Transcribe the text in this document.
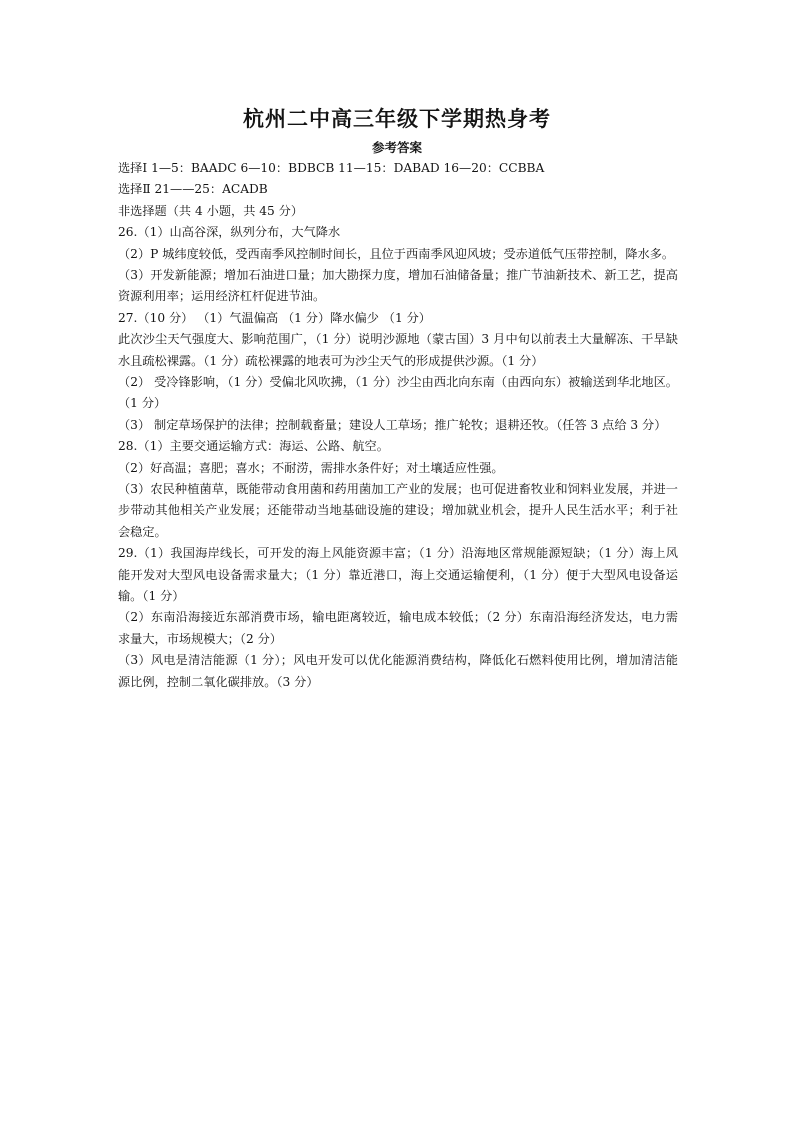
杭州二中高三年级下学期热身考
参考答案
选择Ⅰ 1—5：BAADC 6—10：BDBCB 11—15：DABAD 16—20：CCBBA
选择Ⅱ 21——25：ACADB
非选择题（共 4 小题，共 45 分）
26.（1）山高谷深，纵列分布，大气降水
（2）P 城纬度较低，受西南季风控制时间长，且位于西南季风迎风坡；受赤道低气压带控制，降水多。
（3）开发新能源；增加石油进口量；加大勘探力度，增加石油储备量；推广节油新技术、新工艺，提高资源利用率；运用经济杠杆促进节油。
27.（10 分） （1）气温偏高 （1 分）降水偏少 （1 分）
此次沙尘天气强度大、影响范围广，（1 分）说明沙源地（蒙古国）3 月中旬以前表土大量解冻、干旱缺水且疏松裸露。（1 分）疏松裸露的地表可为沙尘天气的形成提供沙源。（1 分）
（2） 受冷锋影响，（1 分）受偏北风吹拂，（1 分）沙尘由西北向东南（由西向东）被输送到华北地区。（1 分）
（3） 制定草场保护的法律；控制载畜量；建设人工草场；推广轮牧；退耕还牧。（任答 3 点给 3 分）
28.（1）主要交通运输方式：海运、公路、航空。
（2）好高温；喜肥；喜水；不耐涝，需排水条件好；对土壤适应性强。
（3）农民种植菌草，既能带动食用菌和药用菌加工产业的发展；也可促进畜牧业和饲料业发展，并进一步带动其他相关产业发展；还能带动当地基础设施的建设；增加就业机会，提升人民生活水平；利于社会稳定。
29.（1）我国海岸线长，可开发的海上风能资源丰富；（1 分）沿海地区常规能源短缺；（1 分）海上风能开发对大型风电设备需求量大；（1 分）靠近港口，海上交通运输便利，（1 分）便于大型风电设备运输。（1 分）
（2）东南沿海接近东部消费市场，输电距离较近，输电成本较低；（2 分）东南沿海经济发达，电力需求量大，市场规模大；（2 分）
（3）风电是清洁能源（1 分）；风电开发可以优化能源消费结构，降低化石燃料使用比例，增加清洁能源比例，控制二氧化碳排放。（3 分）
